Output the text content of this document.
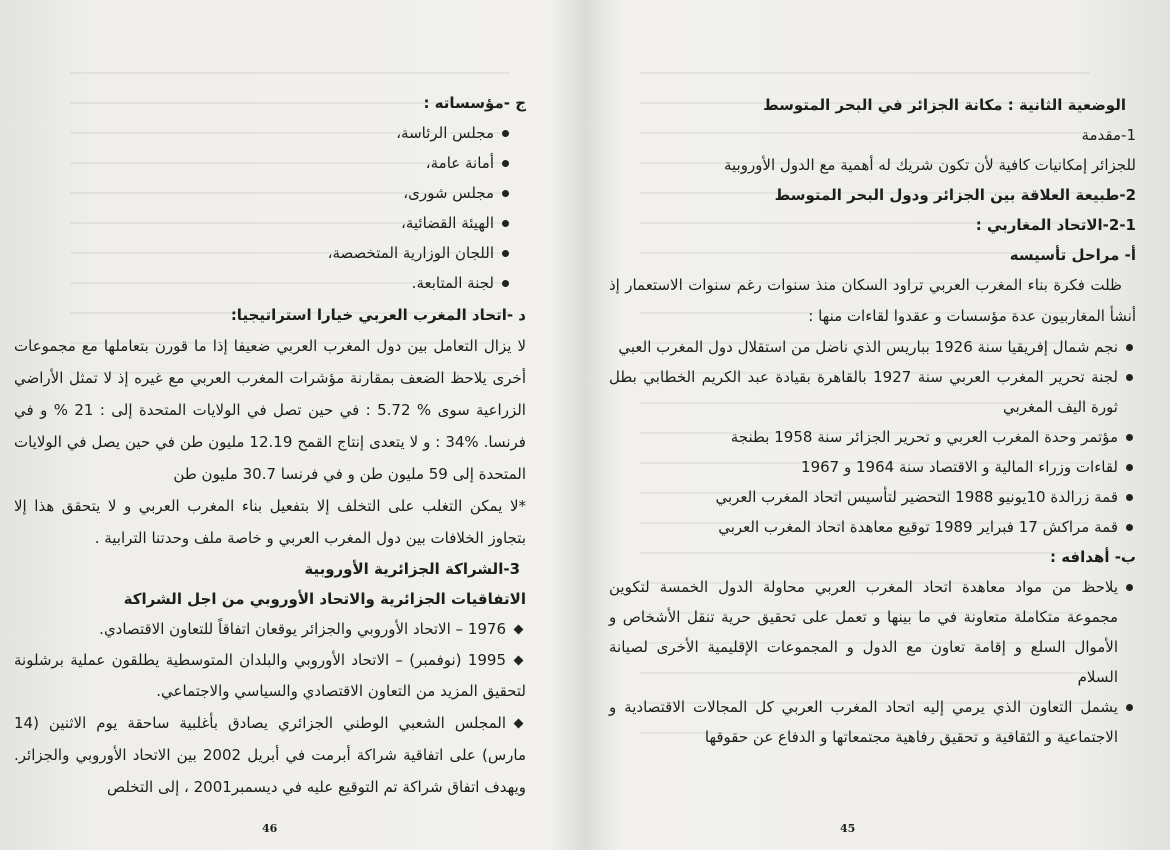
ج -مؤسساته :

مجلس الرئاسة،
أمانة عامة،
مجلس شورى،
الهيئة القضائية،
اللجان الوزارية المتخصصة،
لجنة المتابعة.

د -اتحاد المغرب العربي خيارا استراتيجيا:

لا يزال التعامل بين دول المغرب العربي ضعيفا إذا ما قورن بتعاملها مع مجموعات أخرى يلاحظ الضعف بمقارنة مؤشرات المغرب العربي مع غيره إذ لا تمثل الأراضي الزراعية سوى % 5.72 : في حين تصل في الولايات المتحدة إلى : 21 % و في فرنسا. %34 : و لا يتعدى إنتاج القمح 12.19 مليون طن في حين يصل في الولايات المتحدة إلى 59 مليون طن و في فرنسا 30.7 مليون طن

*لا يمكن التغلب على التخلف إلا بتفعيل بناء المغرب العربي و لا يتحقق هذا إلا بتجاوز الخلافات بين دول المغرب العربي و خاصة ملف وحدتنا الترابية .

3-الشراكة الجزائرية الأوروبية

الاتفاقيات الجزائرية والاتحاد الأوروبي من اجل الشراكة

1976 – الاتحاد الأوروبي والجزائر يوقعان اتفاقاً للتعاون الاقتصادي.

1995 (نوفمبر) – الاتحاد الأوروبي والبلدان المتوسطية يطلقون عملية برشلونة لتحقيق المزيد من التعاون الاقتصادي والسياسي والاجتماعي.

المجلس الشعبي الوطني الجزائري يصادق بأغلبية ساحقة يوم الاثنين (14 مارس) على اتفاقية شراكة أبرمت في أبريل 2002 بين الاتحاد الأوروبي والجزائر. ويهدف اتفاق شراكة تم التوقيع عليه في ديسمبر2001 ، إلى التخلص

46

الوضعية الثانية : مكانة الجزائر في البحر المتوسط

1-مقدمة

للجزائر إمكانيات كافية لأن تكون شريك له أهمية مع الدول الأوروبية

2-طبيعة العلاقة بين الجزائر ودول البحر المتوسط

2-1-الاتحاد المغاربي :

أ- مراحل تأسيسه

ظلت فكرة بناء المغرب العربي تراود السكان منذ سنوات رغم سنوات الاستعمار إذ أنشأ المغاربيون عدة مؤسسات و عقدوا لقاءات منها :

نجم شمال إفريقيا سنة 1926 بباريس الذي ناضل من استقلال دول المغرب العبي
لجنة تحرير المغرب العربي سنة 1927 بالقاهرة بقيادة عبد الكريم الخطابي بطل ثورة اليف المغربي
مؤتمر وحدة المغرب العربي و تحرير الجزائر سنة 1958 بطنجة
لقاءات وزراء المالية و الاقتصاد سنة 1964 و 1967
قمة زرالدة 10يونيو 1988 التحضير لتأسيس اتحاد المغرب العربي
قمة مراكش 17 فبراير 1989 توقيع معاهدة اتحاد المغرب العربي

ب- أهدافه :

يلاحظ من مواد معاهدة اتحاد المغرب العربي محاولة الدول الخمسة لتكوين مجموعة متكاملة متعاونة في ما بينها و تعمل على تحقيق حرية تنقل الأشخاص و الأموال السلع و إقامة تعاون مع الدول و المجموعات الإقليمية الأخرى لصيانة السلام
يشمل التعاون الذي يرمي إليه اتحاد المغرب العربي كل المجالات الاقتصادية و الاجتماعية و الثقافية و تحقيق رفاهية مجتمعاتها و الدفاع عن حقوقها
45
